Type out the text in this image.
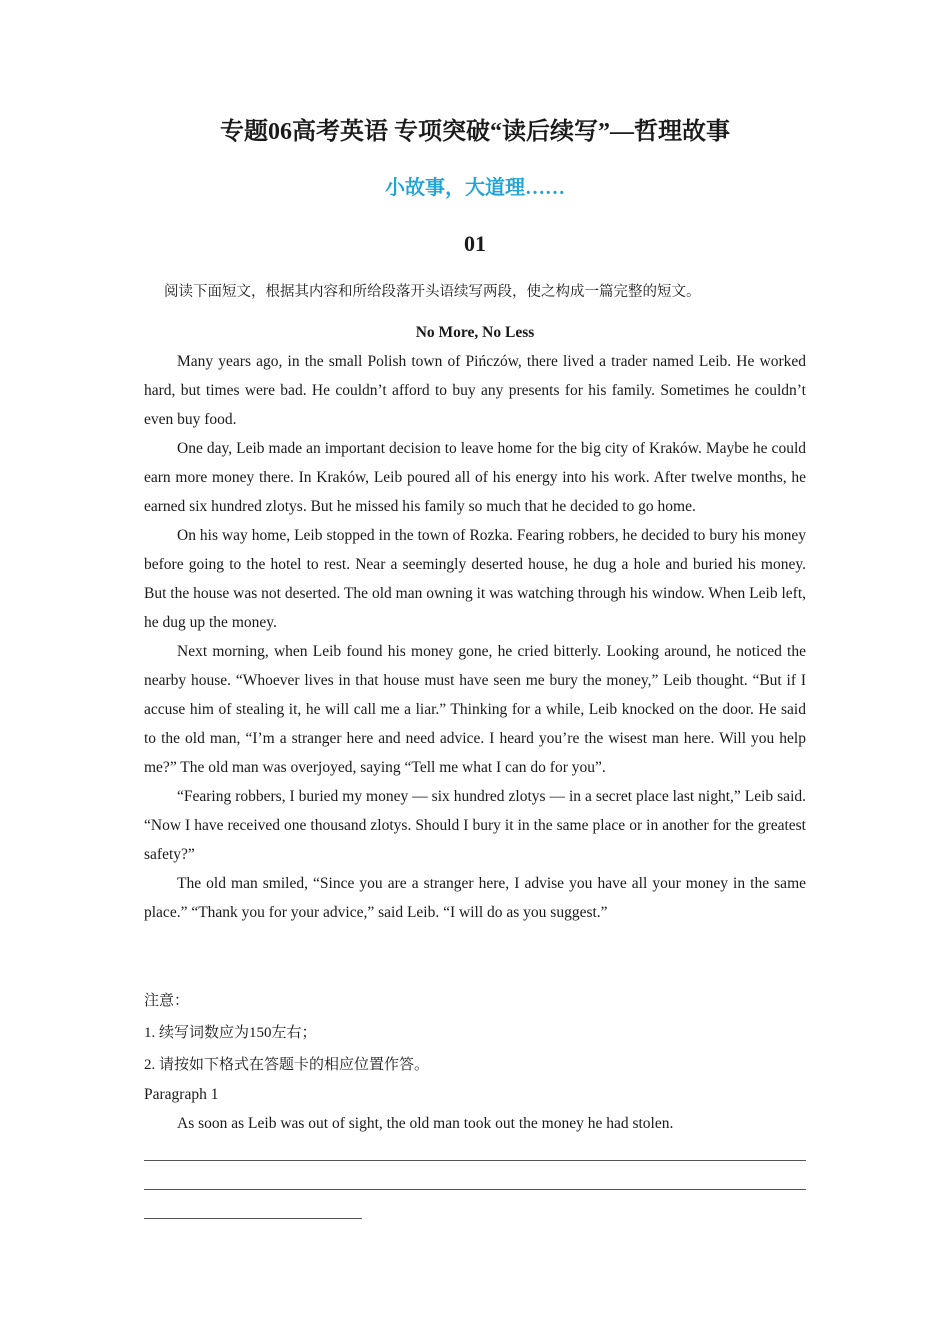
专题06高考英语 专项突破“读后续写”—哲理故事
小故事，大道理……
01
阅读下面短文，根据其内容和所给段落开头语续写两段，使之构成一篇完整的短文。
No More, No Less

Many years ago, in the small Polish town of Pińczów, there lived a trader named Leib. He worked hard, but times were bad. He couldn’t afford to buy any presents for his family. Sometimes he couldn’t even buy food.

One day, Leib made an important decision to leave home for the big city of Kraków. Maybe he could earn more money there. In Kraków, Leib poured all of his energy into his work. After twelve months, he earned six hundred zlotys. But he missed his family so much that he decided to go home.

On his way home, Leib stopped in the town of Rozka. Fearing robbers, he decided to bury his money before going to the hotel to rest. Near a seemingly deserted house, he dug a hole and buried his money. But the house was not deserted. The old man owning it was watching through his window. When Leib left, he dug up the money.

Next morning, when Leib found his money gone, he cried bitterly. Looking around, he noticed the nearby house. “Whoever lives in that house must have seen me bury the money,” Leib thought. “But if I accuse him of stealing it, he will call me a liar.” Thinking for a while, Leib knocked on the door. He said to the old man, “I’m a stranger here and need advice. I heard you’re the wisest man here. Will you help me?” The old man was overjoyed, saying “Tell me what I can do for you”.

“Fearing robbers, I buried my money — six hundred zlotys — in a secret place last night,” Leib said. “Now I have received one thousand zlotys. Should I bury it in the same place or in another for the greatest safety?”

The old man smiled, “Since you are a stranger here, I advise you have all your money in the same place.” “Thank you for your advice,” said Leib. “I will do as you suggest.”

注意：
1. 续写词数应为150左右；
2. 请按如下格式在答题卡的相应位置作答。
Paragraph 1
As soon as Leib was out of sight, the old man took out the money he had stolen.
